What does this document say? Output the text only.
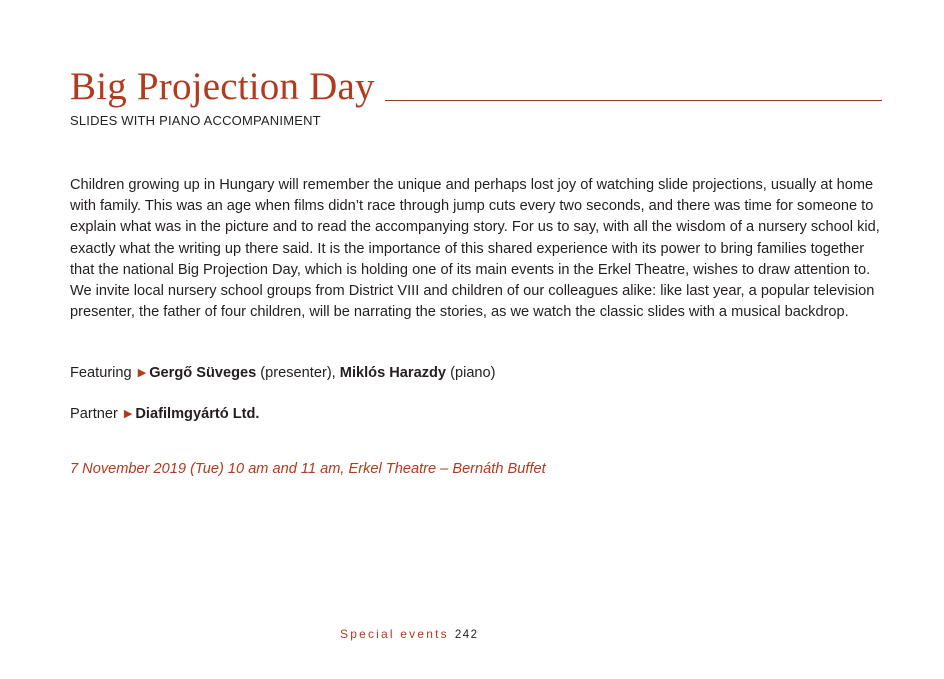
Big Projection Day
SLIDES WITH PIANO ACCOMPANIMENT

Children growing up in Hungary will remember the unique and perhaps lost joy of watching slide projections, usually at home with family. This was an age when films didn’t race through jump cuts every two seconds, and there was time for someone to explain what was in the picture and to read the accompanying story. For us to say, with all the wisdom of a nursery school kid, exactly what the writing up there said. It is the importance of this shared experience with its power to bring families together that the national Big Projection Day, which is holding one of its main events in the Erkel Theatre, wishes to draw attention to. We invite local nursery school groups from District VIII and children of our colleagues alike: like last year, a popular television presenter, the father of four children, will be narrating the stories, as we watch the classic slides with a musical backdrop.

Featuring ▶ Gergő Süveges (presenter), Miklós Harazdy (piano)
Partner ▶ Diafilmgyártó Ltd.
7 November 2019 (Tue) 10 am and 11 am, Erkel Theatre – Bernáth Buffet
Special events 242
